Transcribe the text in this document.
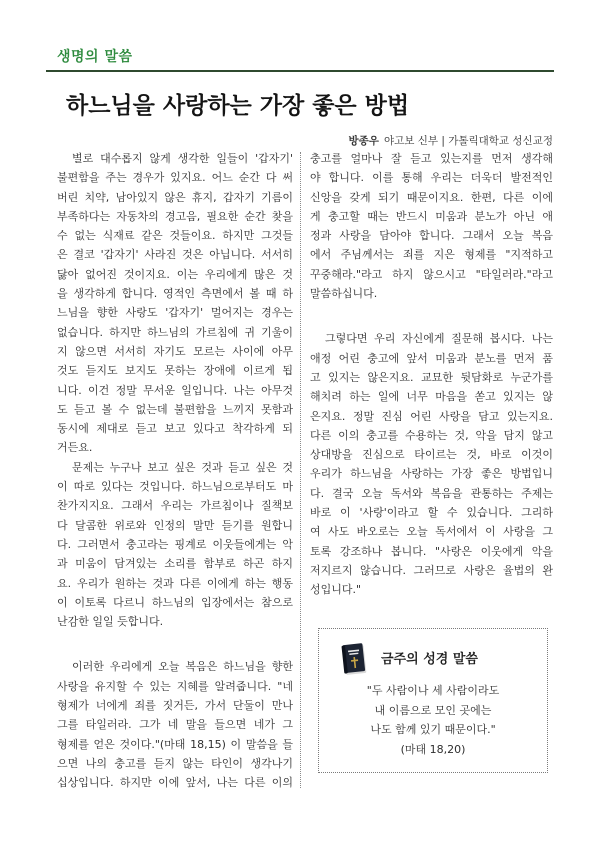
생명의 말씀
하느님을 사랑하는 가장 좋은 방법
방종우 야고보 신부 | 가톨릭대학교 성신교정
별로 대수롭지 않게 생각한 일들이 '갑자기'
불편함을 주는 경우가 있지요. 어느 순간 다 써
버린 치약, 남아있지 않은 휴지, 갑자기 기름이
부족하다는 자동차의 경고음, 필요한 순간 찾을
수 없는 식재료 같은 것들이요. 하지만 그것들
은 결코 '갑자기' 사라진 것은 아닙니다. 서서히
닳아 없어진 것이지요. 이는 우리에게 많은 것
을 생각하게 합니다. 영적인 측면에서 볼 때 하
느님을 향한 사랑도 '갑자기' 멀어지는 경우는
없습니다. 하지만 하느님의 가르침에 귀 기울이
지 않으면 서서히 자기도 모르는 사이에 아무
것도 듣지도 보지도 못하는 장애에 이르게 됩
니다. 이건 정말 무서운 일입니다. 나는 아무것
도 듣고 볼 수 없는데 불편함을 느끼지 못함과
동시에 제대로 듣고 보고 있다고 착각하게 되
거든요.
문제는 누구나 보고 싶은 것과 듣고 싶은 것
이 따로 있다는 것입니다. 하느님으로부터도 마
찬가지지요. 그래서 우리는 가르침이나 질책보
다 달콤한 위로와 인정의 말만 듣기를 원합니
다. 그러면서 충고라는 핑계로 이웃들에게는 악
과 미움이 담겨있는 소리를 함부로 하곤 하지
요. 우리가 원하는 것과 다른 이에게 하는 행동
이 이토록 다르니 하느님의 입장에서는 참으로
난감한 일일 듯합니다.
이러한 우리에게 오늘 복음은 하느님을 향한
사랑을 유지할 수 있는 지혜를 알려줍니다. "네
형제가 너에게 죄를 짓거든, 가서 단둘이 만나
그를 타일러라. 그가 네 말을 들으면 네가 그
형제를 얻은 것이다."(마태 18,15) 이 말씀을 들
으면 나의 충고를 듣지 않는 타인이 생각나기
십상입니다. 하지만 이에 앞서, 나는 다른 이의
충고를 얼마나 잘 듣고 있는지를 먼저 생각해
야 합니다. 이를 통해 우리는 더욱더 발전적인
신앙을 갖게 되기 때문이지요. 한편, 다른 이에
게 충고할 때는 반드시 미움과 분노가 아닌 애
정과 사랑을 담아야 합니다. 그래서 오늘 복음
에서 주님께서는 죄를 지은 형제를 "지적하고
꾸중해라."라고 하지 않으시고 "타일러라."라고
말씀하십니다.
그렇다면 우리 자신에게 질문해 봅시다. 나는
애정 어린 충고에 앞서 미움과 분노를 먼저 품
고 있지는 않은지요. 교묘한 뒷담화로 누군가를
해치려 하는 일에 너무 마음을 쏟고 있지는 않
은지요. 정말 진심 어린 사랑을 담고 있는지요.
다른 이의 충고를 수용하는 것, 악을 담지 않고
상대방을 진심으로 타이르는 것, 바로 이것이
우리가 하느님을 사랑하는 가장 좋은 방법입니
다. 결국 오늘 독서와 복음을 관통하는 주제는
바로 이 '사랑'이라고 할 수 있습니다. 그리하
여 사도 바오로는 오늘 독서에서 이 사랑을 그
토록 강조하나 봅니다. "사랑은 이웃에게 악을
저지르지 않습니다. 그러므로 사랑은 율법의 완
성입니다."
금주의 성경 말씀
"두 사람이나 세 사람이라도
내 이름으로 모인 곳에는
나도 함께 있기 때문이다."
(마태 18,20)
